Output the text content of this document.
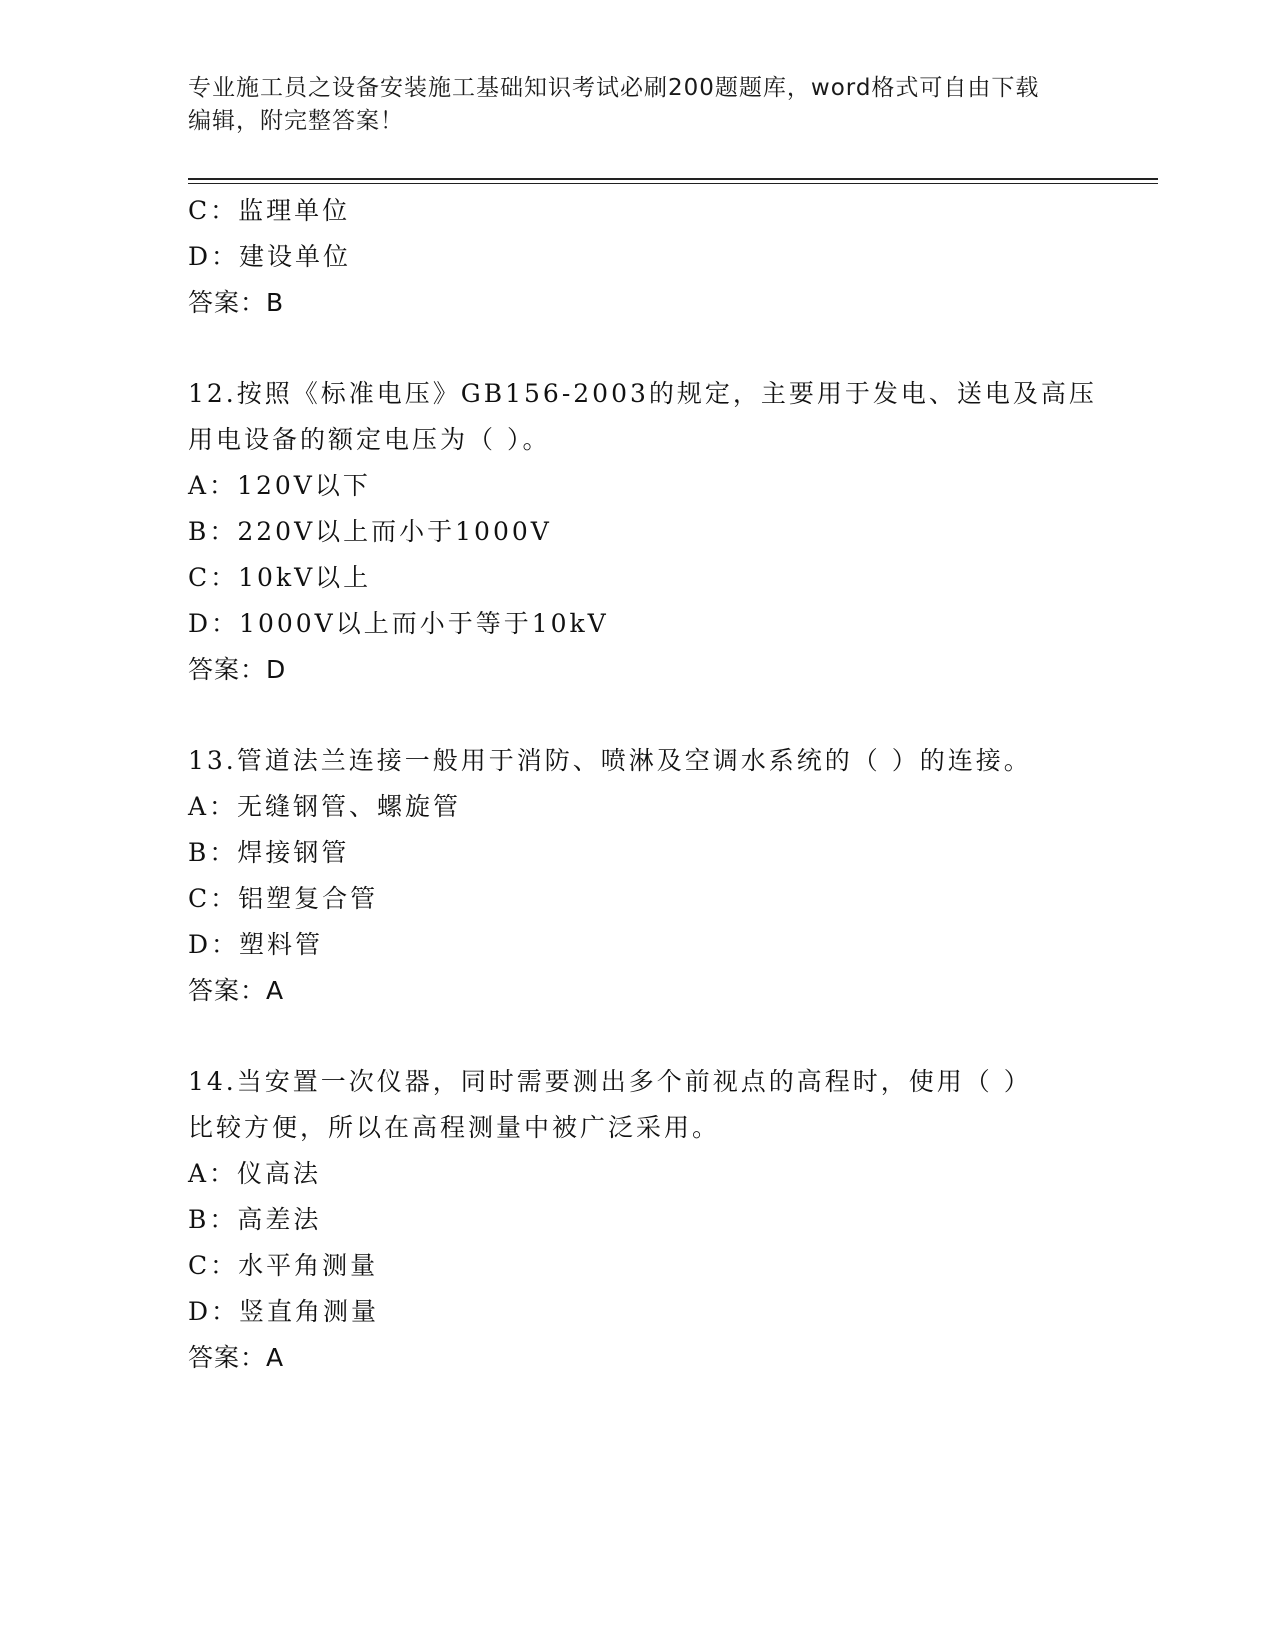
专业施工员之设备安装施工基础知识考试必刷200题题库，word格式可自由下载
编辑，附完整答案！
C：监理单位
D：建设单位
答案：B
12.按照《标准电压》GB156-2003的规定，主要用于发电、送电及高压
用电设备的额定电压为（ ）。
A：120V以下
B：220V以上而小于1000V
C：10kV以上
D：1000V以上而小于等于10kV
答案：D
13.管道法兰连接一般用于消防、喷淋及空调水系统的（ ）的连接。
A：无缝钢管、螺旋管
B：焊接钢管
C：铝塑复合管
D：塑料管
答案：A
14.当安置一次仪器，同时需要测出多个前视点的高程时，使用（ ）
比较方便，所以在高程测量中被广泛采用。
A：仪高法
B：高差法
C：水平角测量
D：竖直角测量
答案：A
